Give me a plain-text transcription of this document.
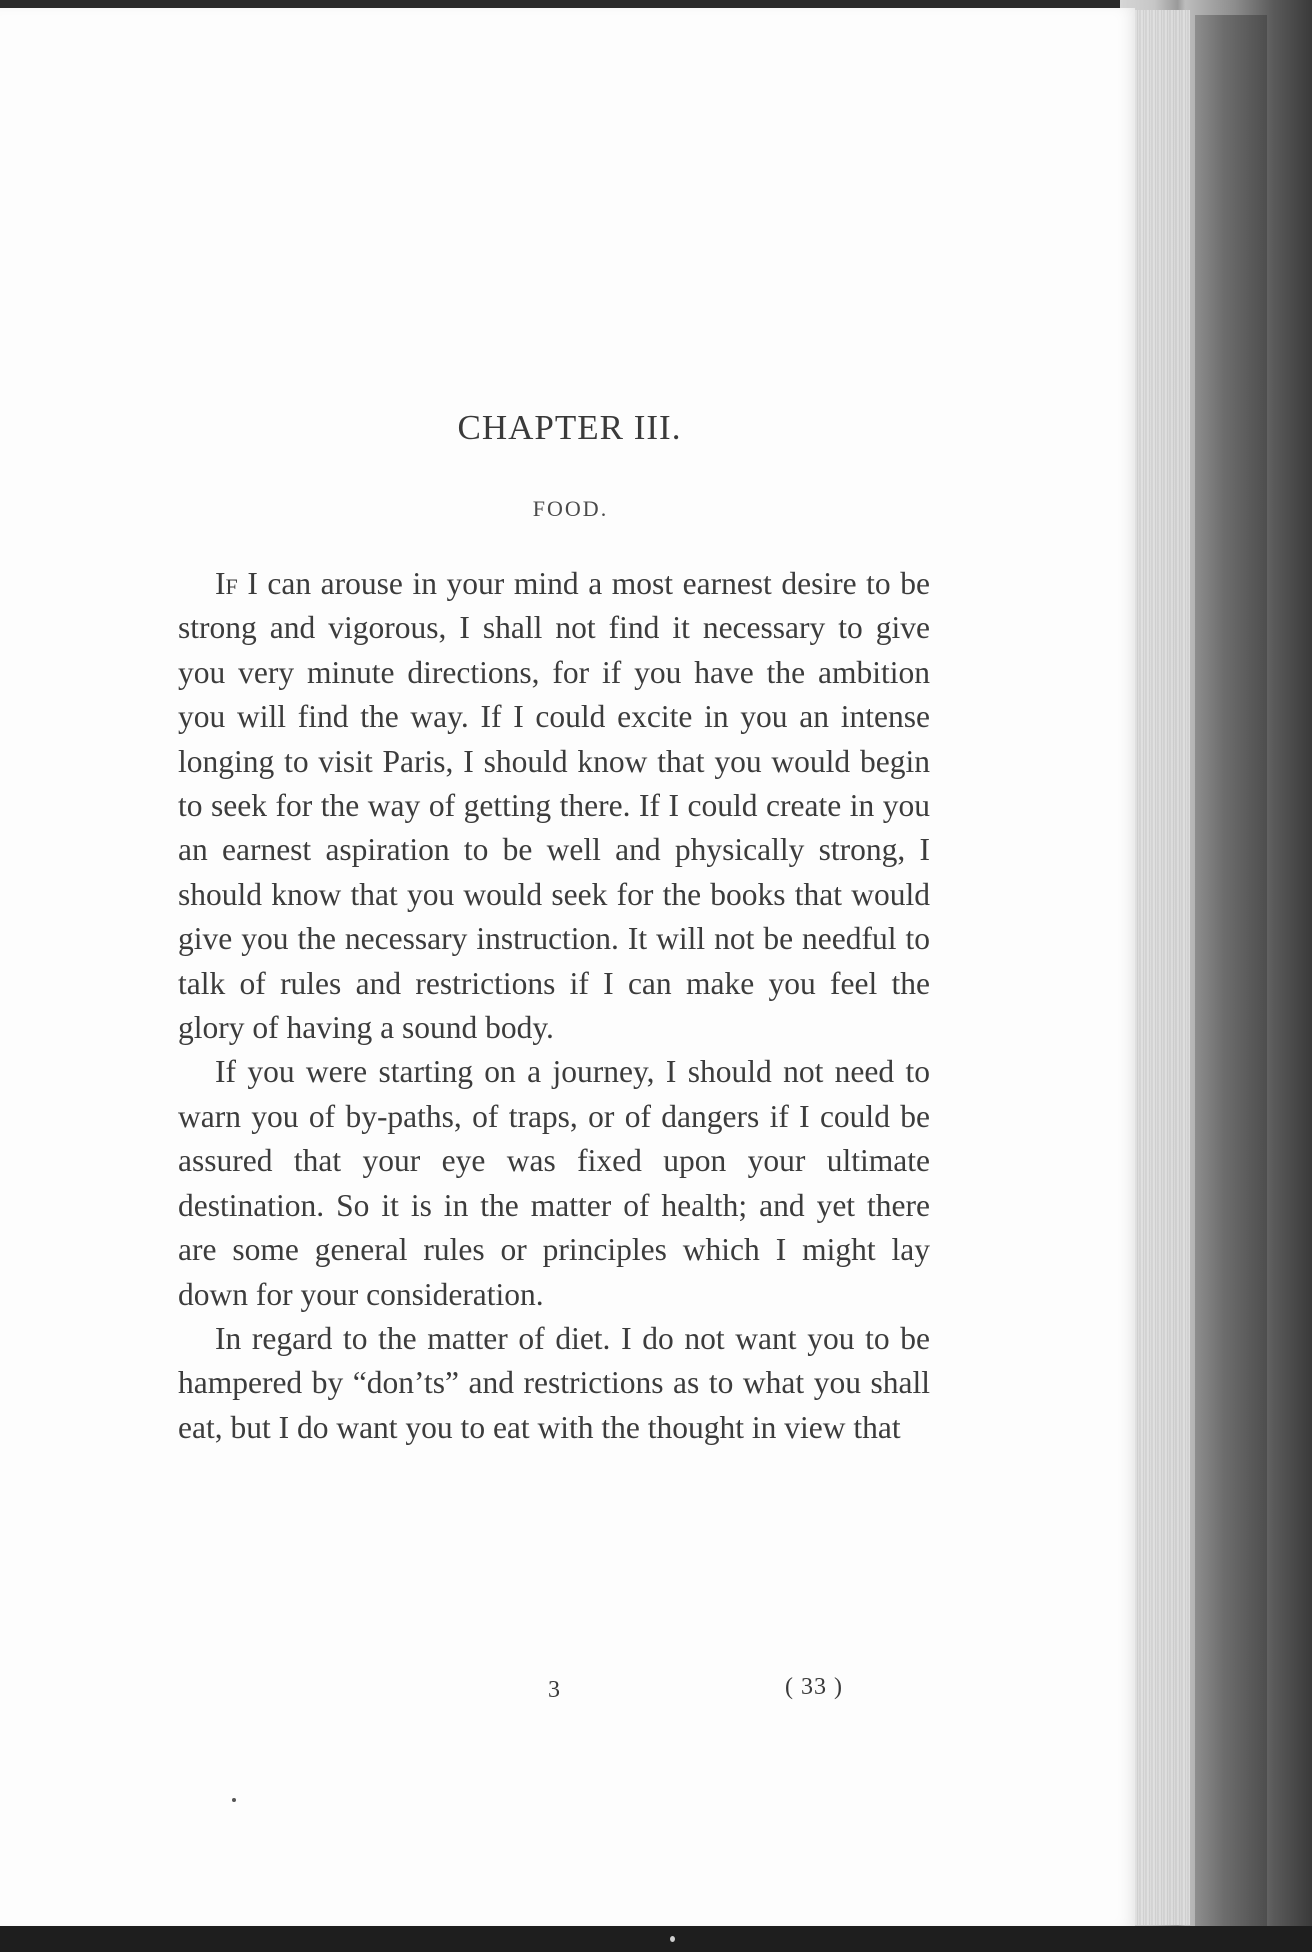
CHAPTER III.
FOOD.

If I can arouse in your mind a most earnest desire to be strong and vigorous, I shall not find it necessary to give you very minute directions, for if you have the ambition you will find the way. If I could excite in you an intense longing to visit Paris, I should know that you would begin to seek for the way of getting there. If I could create in you an earnest aspiration to be well and physically strong, I should know that you would seek for the books that would give you the necessary instruction. It will not be needful to talk of rules and restrictions if I can make you feel the glory of having a sound body.

If you were starting on a journey, I should not need to warn you of by-paths, of traps, or of dangers if I could be assured that your eye was fixed upon your ultimate destination. So it is in the matter of health; and yet there are some general rules or principles which I might lay down for your consideration.

In regard to the matter of diet. I do not want you to be hampered by “don’ts” and restrictions as to what you shall eat, but I do want you to eat with the thought in view that

3	( 33 )
